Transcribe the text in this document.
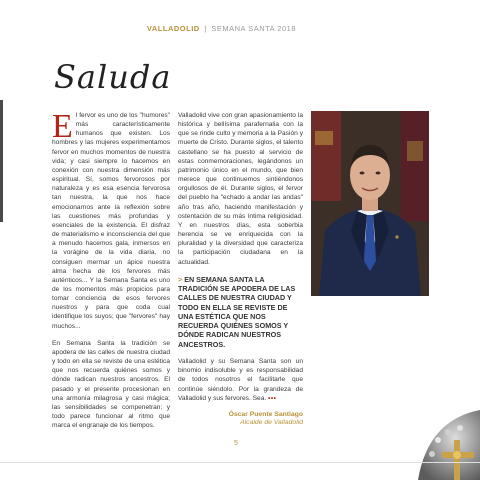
VALLADOLID | SEMANA SANTA 2018
Saluda

El fervor es uno de los "humores" más característicamente humanos que existen. Los hombres y las mujeres experimentamos fervor en muchos momentos de nuestra vida; y casi siempre lo hacemos en conexión con nuestra dimensión más espiritual. Sí, somos fervorosos por naturaleza y es esa esencia fervorosa tan nuestra, la que nos hace emocionarnos ante la reflexión sobre las cuestiones más profundas y esenciales de la existencia. El disfraz de materialismo e inconsciencia del que a menudo hacemos gala, inmersos en la vorágine de la vida diaria, no consiguen mermar un ápice nuestra alma hecha de los fervores más auténticos... Y la Semana Santa es uno de los momentos más propicios para tomar conciencia de esos fervores nuestros y para que coda cual identifique los suyos; que "fervores" hay muchos...

En Semana Santa la tradición se apodera de las calles de nuestra ciudad y todo en ella se reviste de una estética que nos recuerda quiénes somos y dónde radican nuestros ancestros. El pasado y el presente procesionan en una armonía milagrosa y casi mágica; las sensibilidades se compenetran; y todo parece funcionar al ritmo que marca el engranaje de los tiempos.

Valladolid vive con gran apasionamiento la histórica y bellísima parafernalia con la que se rinde culto y memoria a la Pasión y muerte de Cristo. Durante siglos, el talento castellano se ha puesto al servicio de estas conmemoraciones, legándonos un patrimonio único en el mundo, que bien merece que continuemos sintiéndonos orgullosos de él. Durante siglos, el fervor del pueblo ha "echado a andar las andas" año tras año, haciendo manifestación y ostentación de su más íntima religiosidad. Y en nuestros días, esta soberbia herencia se ve enriquecida con la pluralidad y la diversidad que caracteriza la participación ciudadana en la actualidad.

> EN SEMANA SANTA LA TRADICIÓN SE APODERA DE LAS CALLES DE NUESTRA CIUDAD Y TODO EN ELLA SE REVISTE DE UNA ESTÉTICA QUE NOS RECUERDA QUIÉNES SOMOS Y DÓNDE RADICAN NUESTROS ANCESTROS.

Valladolid y su Semana Santa son un binomio indisoluble y es responsabilidad de todos nosotros el facilitarle que continúe siéndolo. Por la grandeza de Valladolid y sus fervores. Sea. •••

Óscar Puente Santiago
Alcalde de Valladolid
5
